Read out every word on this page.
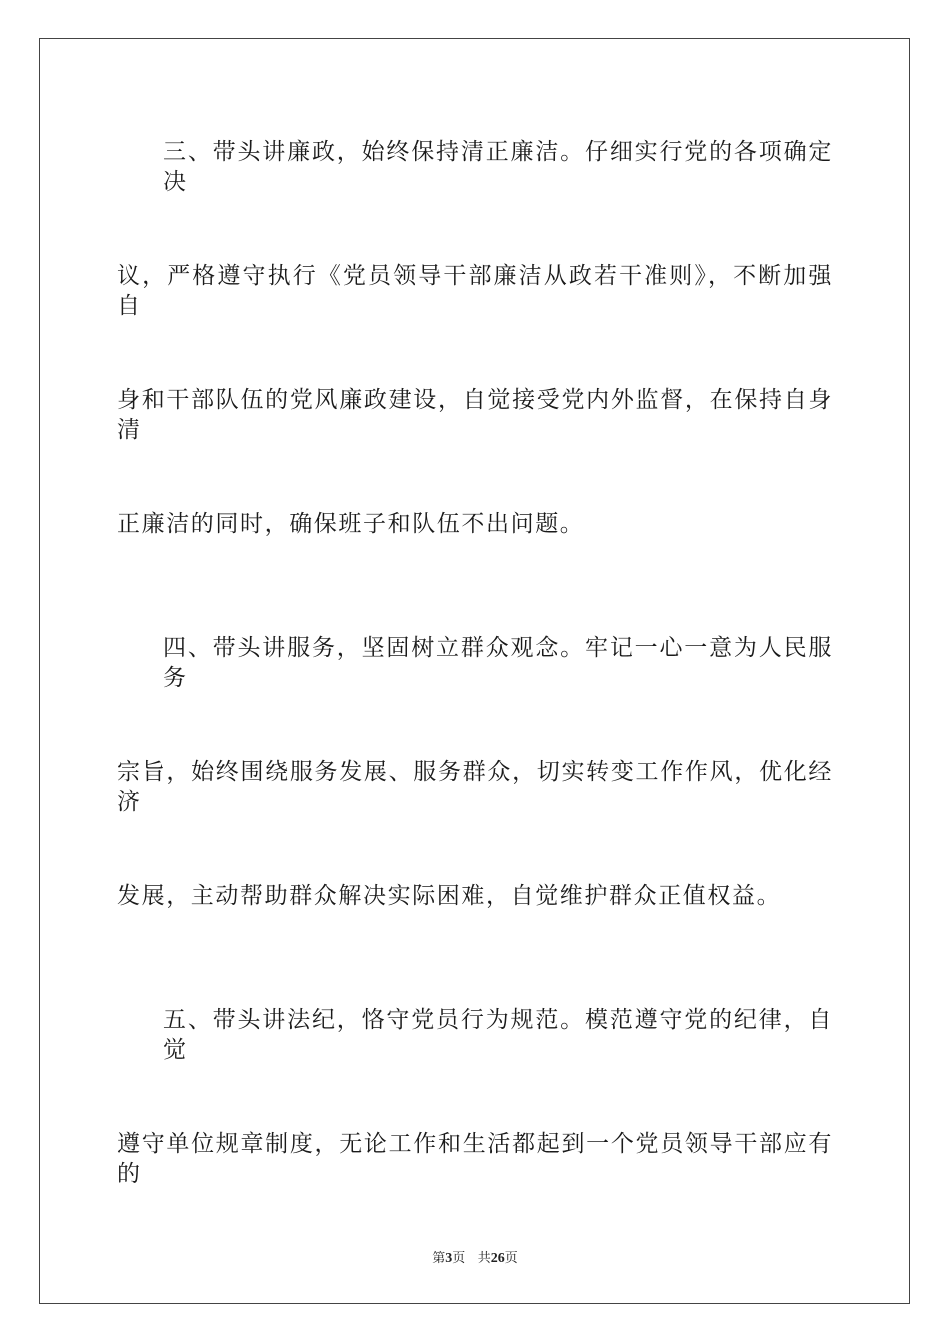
三、带头讲廉政，始终保持清正廉洁。仔细实行党的各项确定决
议，严格遵守执行《党员领导干部廉洁从政若干准则》，不断加强自
身和干部队伍的党风廉政建设，自觉接受党内外监督，在保持自身清
正廉洁的同时，确保班子和队伍不出问题。
四、带头讲服务，坚固树立群众观念。牢记一心一意为人民服务
宗旨，始终围绕服务发展、服务群众，切实转变工作作风，优化经济
发展，主动帮助群众解决实际困难，自觉维护群众正值权益。
五、带头讲法纪，恪守党员行为规范。模范遵守党的纪律，自觉
遵守单位规章制度，无论工作和生活都起到一个党员领导干部应有的
第3页 共26页
